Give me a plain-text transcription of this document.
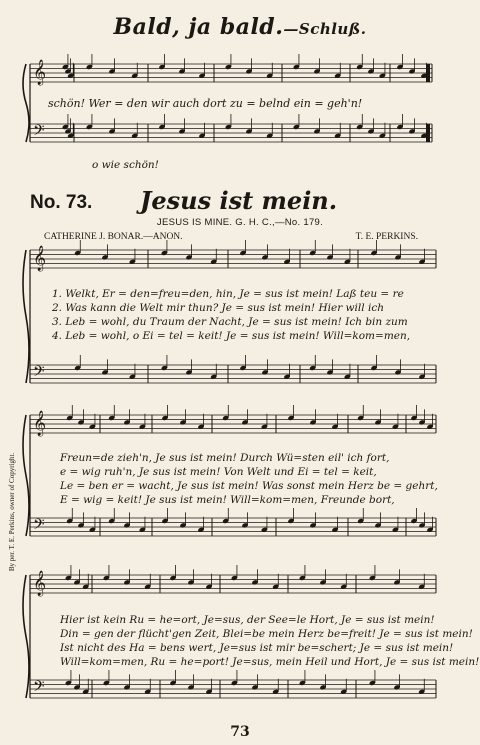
𝄞
𝄢
𝄞
𝄢
𝄞
𝄢
𝄞
𝄢
Bald, ja bald.—Schluß.
schön! Wer = den wir auch dort zu = belnd ein = geh'n!
o wie schön!
No. 73. Jesus ist mein.
JESUS IS MINE. G. H. C.,—No. 179.
CATHERINE J. BONAR.—ANON.	T. E. PERKINS.
By per. T. E. Perkins, owner of Copyright.
1. Welkt, Er = den=freu=den, hin, Je = sus ist mein! Laß teu = re
2. Was kann die Welt mir thun? Je = sus ist mein! Hier will ich
3. Leb = wohl, du Traum der Nacht, Je = sus ist mein! Ich bin zum
4. Leb = wohl, o Ei = tel = keit! Je = sus ist mein! Will=kom=men,
Freun=de zieh'n, Je sus ist mein! Durch Wü=sten eil' ich fort,
e = wig ruh'n, Je sus ist mein! Von Welt und Ei = tel = keit,
Le = ben er = wacht, Je sus ist mein! Was sonst mein Herz be = gehrt,
E = wig = keit! Je sus ist mein! Will=kom=men, Freunde bort,
Hier ist kein Ru = he=ort, Je=sus, der See=le Hort, Je = sus ist mein!
Din = gen der flücht'gen Zeit, Blei=be mein Herz be=freit! Je = sus ist mein!
Ist nicht des Ha = bens wert, Je=sus ist mir be=schert; Je = sus ist mein!
Will=kom=men, Ru = he=port! Je=sus, mein Heil und Hort, Je = sus ist mein!
73
